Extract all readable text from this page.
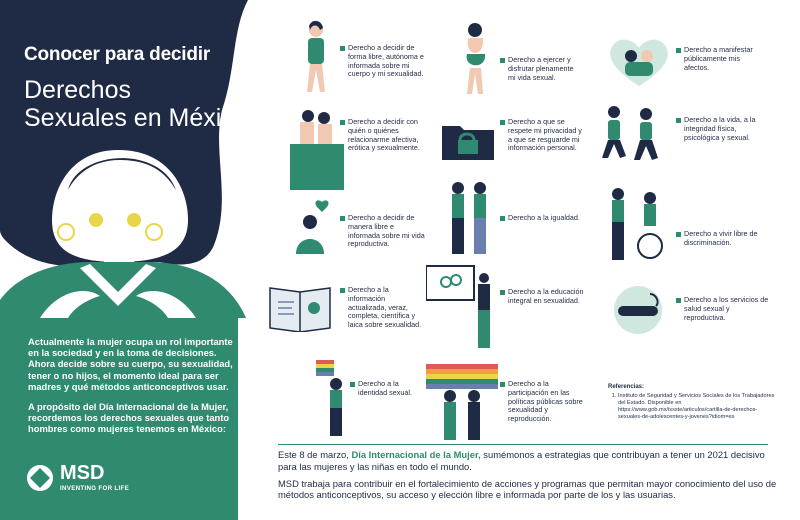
Conocer para decidir
Derechos
Sexuales en México

Actualmente la mujer ocupa un rol importante en la sociedad y en la toma de decisiones. Ahora decide sobre su cuerpo, su sexualidad, tener o no hijos, el momento ideal para ser madres y qué métodos anticonceptivos usar.

A propósito del Día Internacional de la Mujer, recordemos los derechos sexuales que tanto hombres como mujeres tenemos en México:

MSD
INVENTING FOR LIFE
Derecho a decidir de forma libre, autónoma e informada sobre mi cuerpo y mi sexualidad.
Derecho a ejercer y disfrutar plenamente mi vida sexual.
Derecho a manifestar públicamente mis afectos.
Derecho a decidir con quién o quiénes relacionarme afectiva, erótica y sexualmente.
Derecho a que se respete mi privacidad y a que se resguarde mi información personal.
Derecho a la vida, a la integridad física, psicológica y sexual.
Derecho a decidir de manera libre e informada sobre mi vida reproductiva.
Derecho a la igualdad.
Derecho a vivir libre de discriminación.
Derecho a la información actualizada, veraz, completa, científica y laica sobre sexualidad.
Derecho a la educación integral en sexualidad.	Derecho a los servicios de salud sexual y reproductiva.
Derecho a la identidad sexual.
Derecho a la participación en las políticas públicas sobre sexualidad y reproducción.
Referencias:
1. Instituto de Seguridad y Servicios Sociales de los Trabajadores del Estado. Disponible en https://www.gob.mx/issste/articulos/cartilla-de-derechos-sexuales-de-adolescentes-y-jovenes?idiom=es

Este 8 de marzo, Día Internacional de la Mujer, sumémonos a estrategias que contribuyan a tener un 2021 decisivo para las mujeres y las niñas en todo el mundo.

MSD trabaja para contribuir en el fortalecimiento de acciones y programas que permitan mayor conocimiento del uso de métodos anticonceptivos, su acceso y elección libre e informada por parte de los y las usuarias.
